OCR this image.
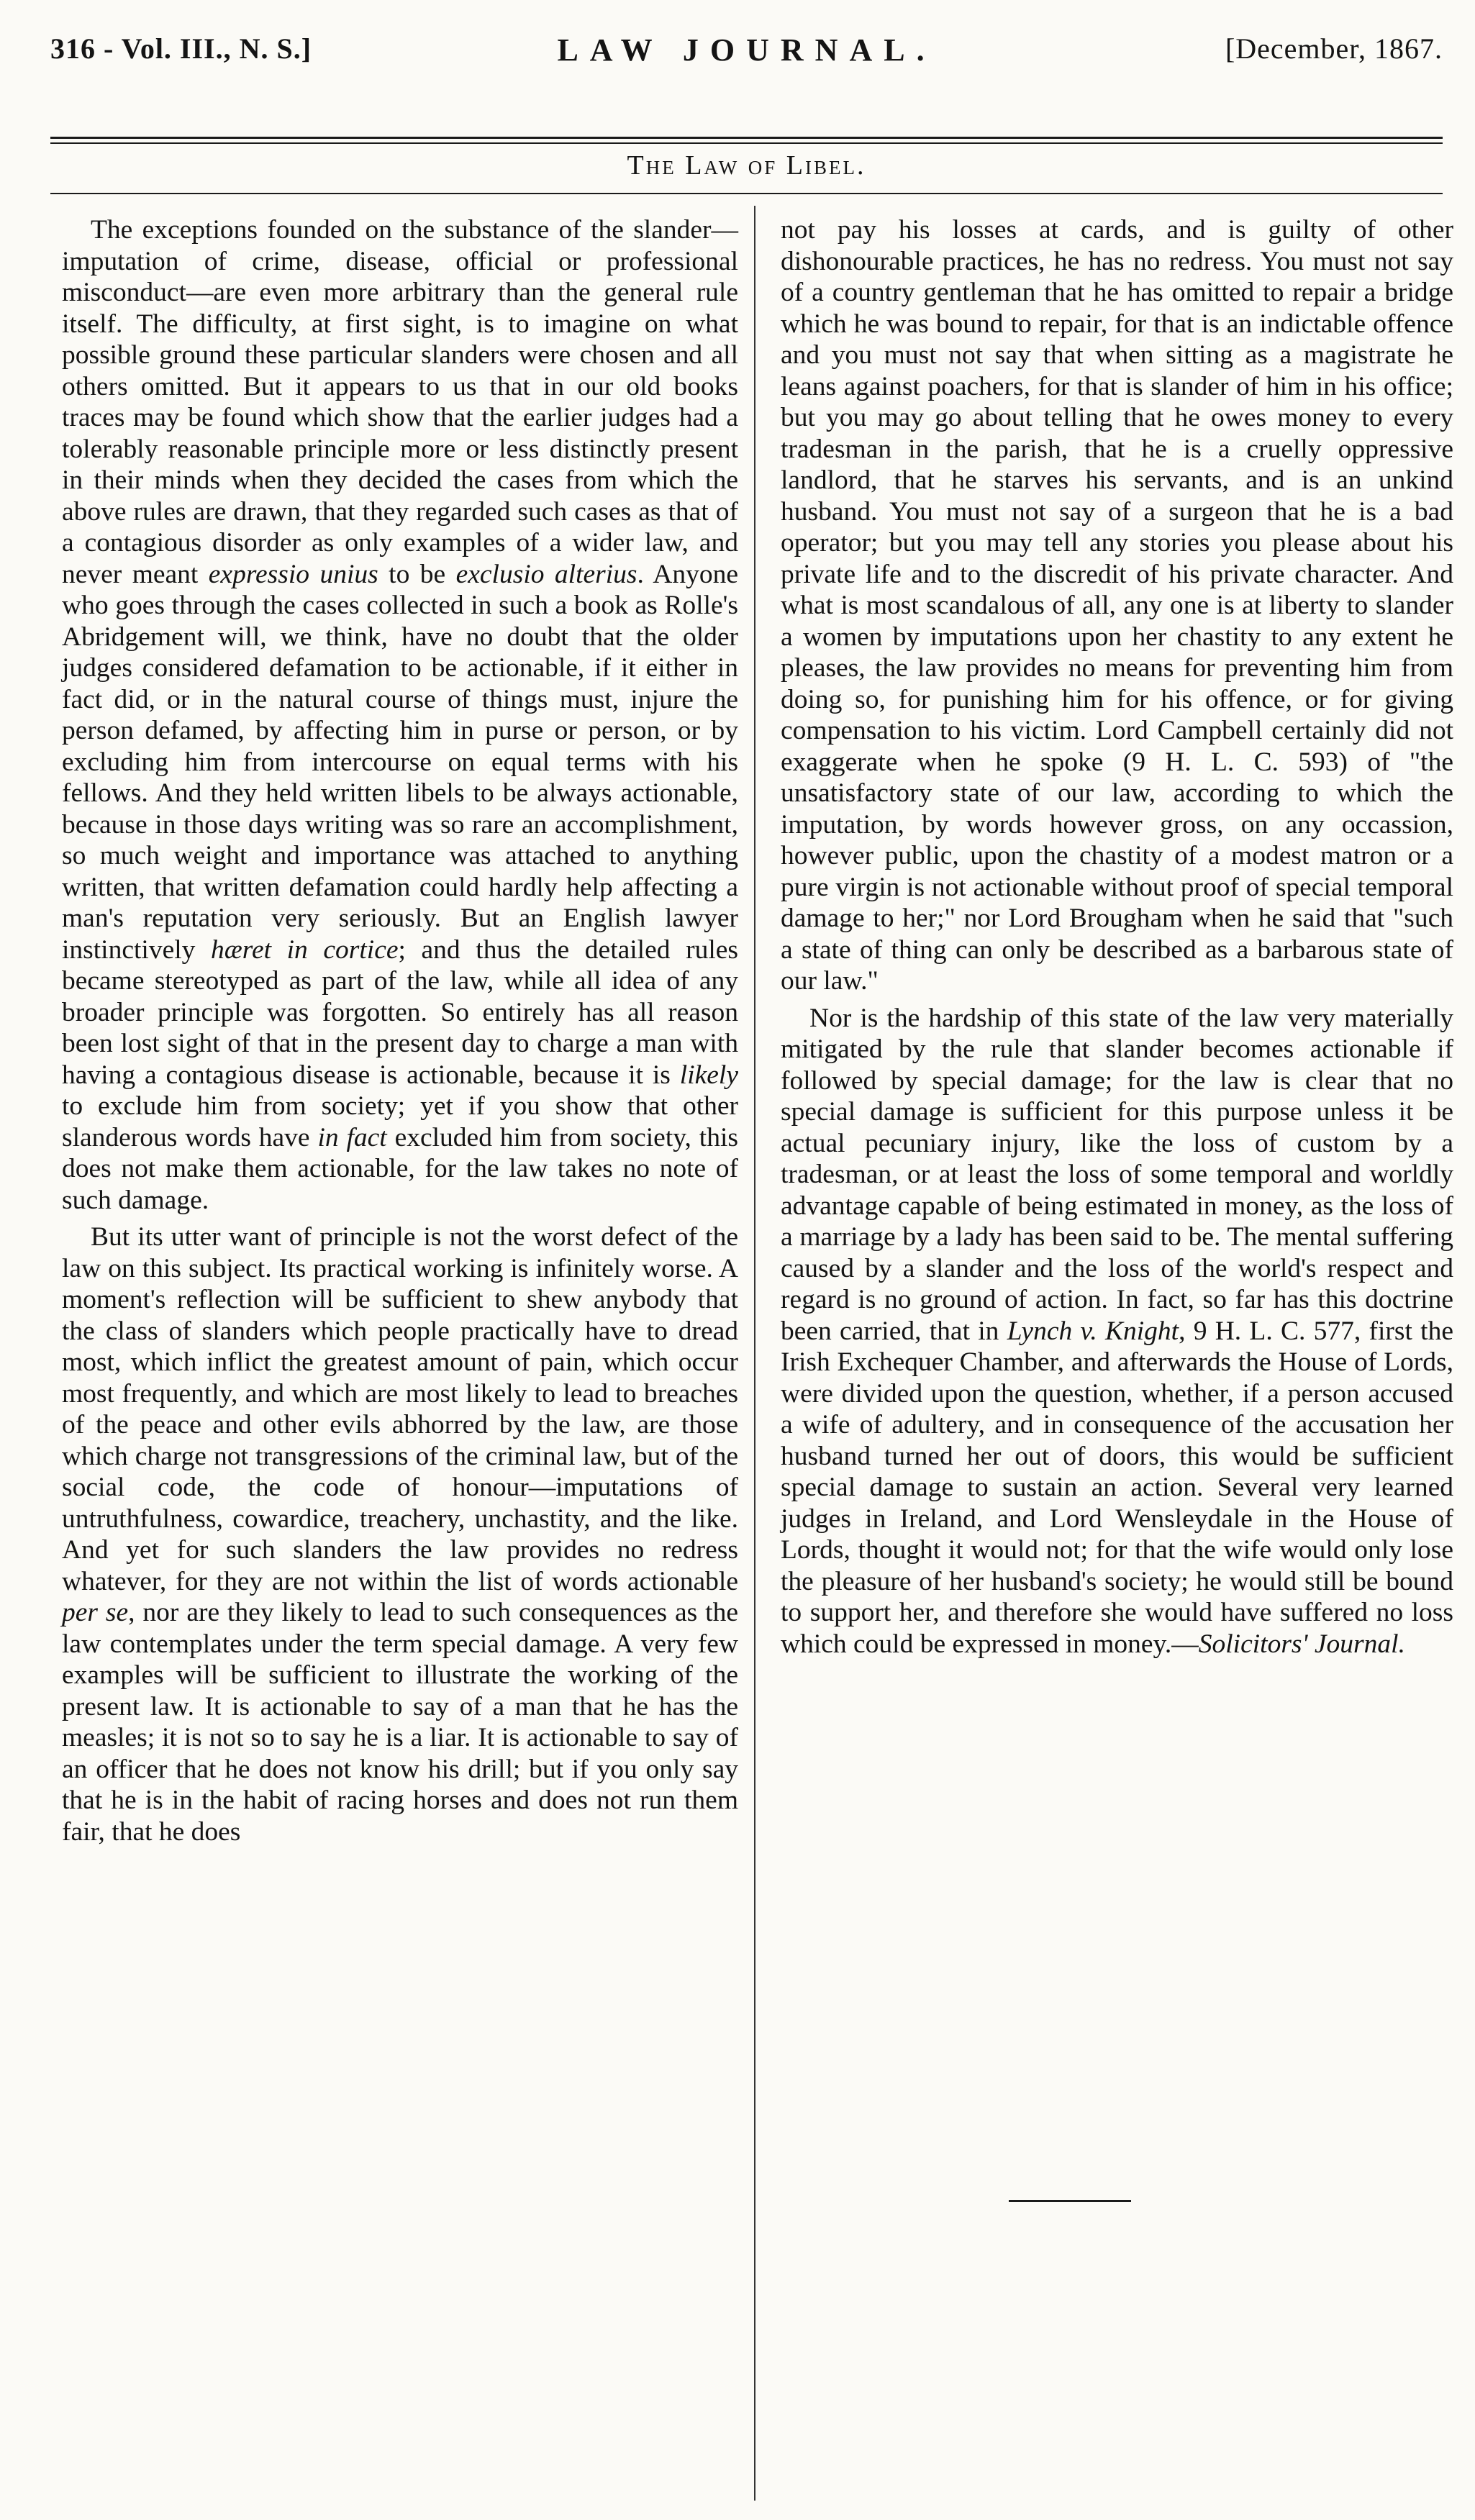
316 - Vol. III., N. S.]	LAW JOURNAL.	[December, 1867.
The Law of Libel.

The exceptions founded on the substance of the slander—imputation of crime, disease, official or professional misconduct—are even more arbitrary than the general rule itself. The difficulty, at first sight, is to imagine on what possible ground these particular slanders were chosen and all others omitted. But it appears to us that in our old books traces may be found which show that the earlier judges had a tolerably reasonable principle more or less distinctly present in their minds when they decided the cases from which the above rules are drawn, that they regarded such cases as that of a contagious disorder as only examples of a wider law, and never meant expressio unius to be exclusio alterius. Anyone who goes through the cases collected in such a book as Rolle's Abridgement will, we think, have no doubt that the older judges considered defamation to be actionable, if it either in fact did, or in the natural course of things must, injure the person defamed, by affecting him in purse or person, or by excluding him from intercourse on equal terms with his fellows. And they held written libels to be always actionable, because in those days writing was so rare an accomplishment, so much weight and importance was attached to anything written, that written defamation could hardly help affecting a man's reputation very seriously. But an English lawyer instinctively hæret in cortice; and thus the detailed rules became stereotyped as part of the law, while all idea of any broader principle was forgotten. So entirely has all reason been lost sight of that in the present day to charge a man with having a contagious disease is actionable, because it is likely to exclude him from society; yet if you show that other slanderous words have in fact excluded him from society, this does not make them actionable, for the law takes no note of such damage.

But its utter want of principle is not the worst defect of the law on this subject. Its practical working is infinitely worse. A moment's reflection will be sufficient to shew anybody that the class of slanders which people practically have to dread most, which inflict the greatest amount of pain, which occur most frequently, and which are most likely to lead to breaches of the peace and other evils abhorred by the law, are those which charge not transgressions of the criminal law, but of the social code, the code of honour—imputations of untruthfulness, cowardice, treachery, unchastity, and the like. And yet for such slanders the law provides no redress whatever, for they are not within the list of words actionable per se, nor are they likely to lead to such consequences as the law contemplates under the term special damage. A very few examples will be sufficient to illustrate the working of the present law. It is actionable to say of a man that he has the measles; it is not so to say he is a liar. It is actionable to say of an officer that he does not know his drill; but if you only say that he is in the habit of racing horses and does not run them fair, that he does

not pay his losses at cards, and is guilty of other dishonourable practices, he has no redress. You must not say of a country gentleman that he has omitted to repair a bridge which he was bound to repair, for that is an indictable offence and you must not say that when sitting as a magistrate he leans against poachers, for that is slander of him in his office; but you may go about telling that he owes money to every tradesman in the parish, that he is a cruelly oppressive landlord, that he starves his servants, and is an unkind husband. You must not say of a surgeon that he is a bad operator; but you may tell any stories you please about his private life and to the discredit of his private character. And what is most scandalous of all, any one is at liberty to slander a women by imputations upon her chastity to any extent he pleases, the law provides no means for preventing him from doing so, for punishing him for his offence, or for giving compensation to his victim. Lord Campbell certainly did not exaggerate when he spoke (9 H. L. C. 593) of "the unsatisfactory state of our law, according to which the imputation, by words however gross, on any occassion, however public, upon the chastity of a modest matron or a pure virgin is not actionable without proof of special temporal damage to her;" nor Lord Brougham when he said that "such a state of thing can only be described as a barbarous state of our law."

Nor is the hardship of this state of the law very materially mitigated by the rule that slander becomes actionable if followed by special damage; for the law is clear that no special damage is sufficient for this purpose unless it be actual pecuniary injury, like the loss of custom by a tradesman, or at least the loss of some temporal and worldly advantage capable of being estimated in money, as the loss of a marriage by a lady has been said to be. The mental suffering caused by a slander and the loss of the world's respect and regard is no ground of action. In fact, so far has this doctrine been carried, that in Lynch v. Knight, 9 H. L. C. 577, first the Irish Exchequer Chamber, and afterwards the House of Lords, were divided upon the question, whether, if a person accused a wife of adultery, and in consequence of the accusation her husband turned her out of doors, this would be sufficient special damage to sustain an action. Several very learned judges in Ireland, and Lord Wensleydale in the House of Lords, thought it would not; for that the wife would only lose the pleasure of her husband's society; he would still be bound to support her, and therefore she would have suffered no loss which could be expressed in money.—Solicitors' Journal.
